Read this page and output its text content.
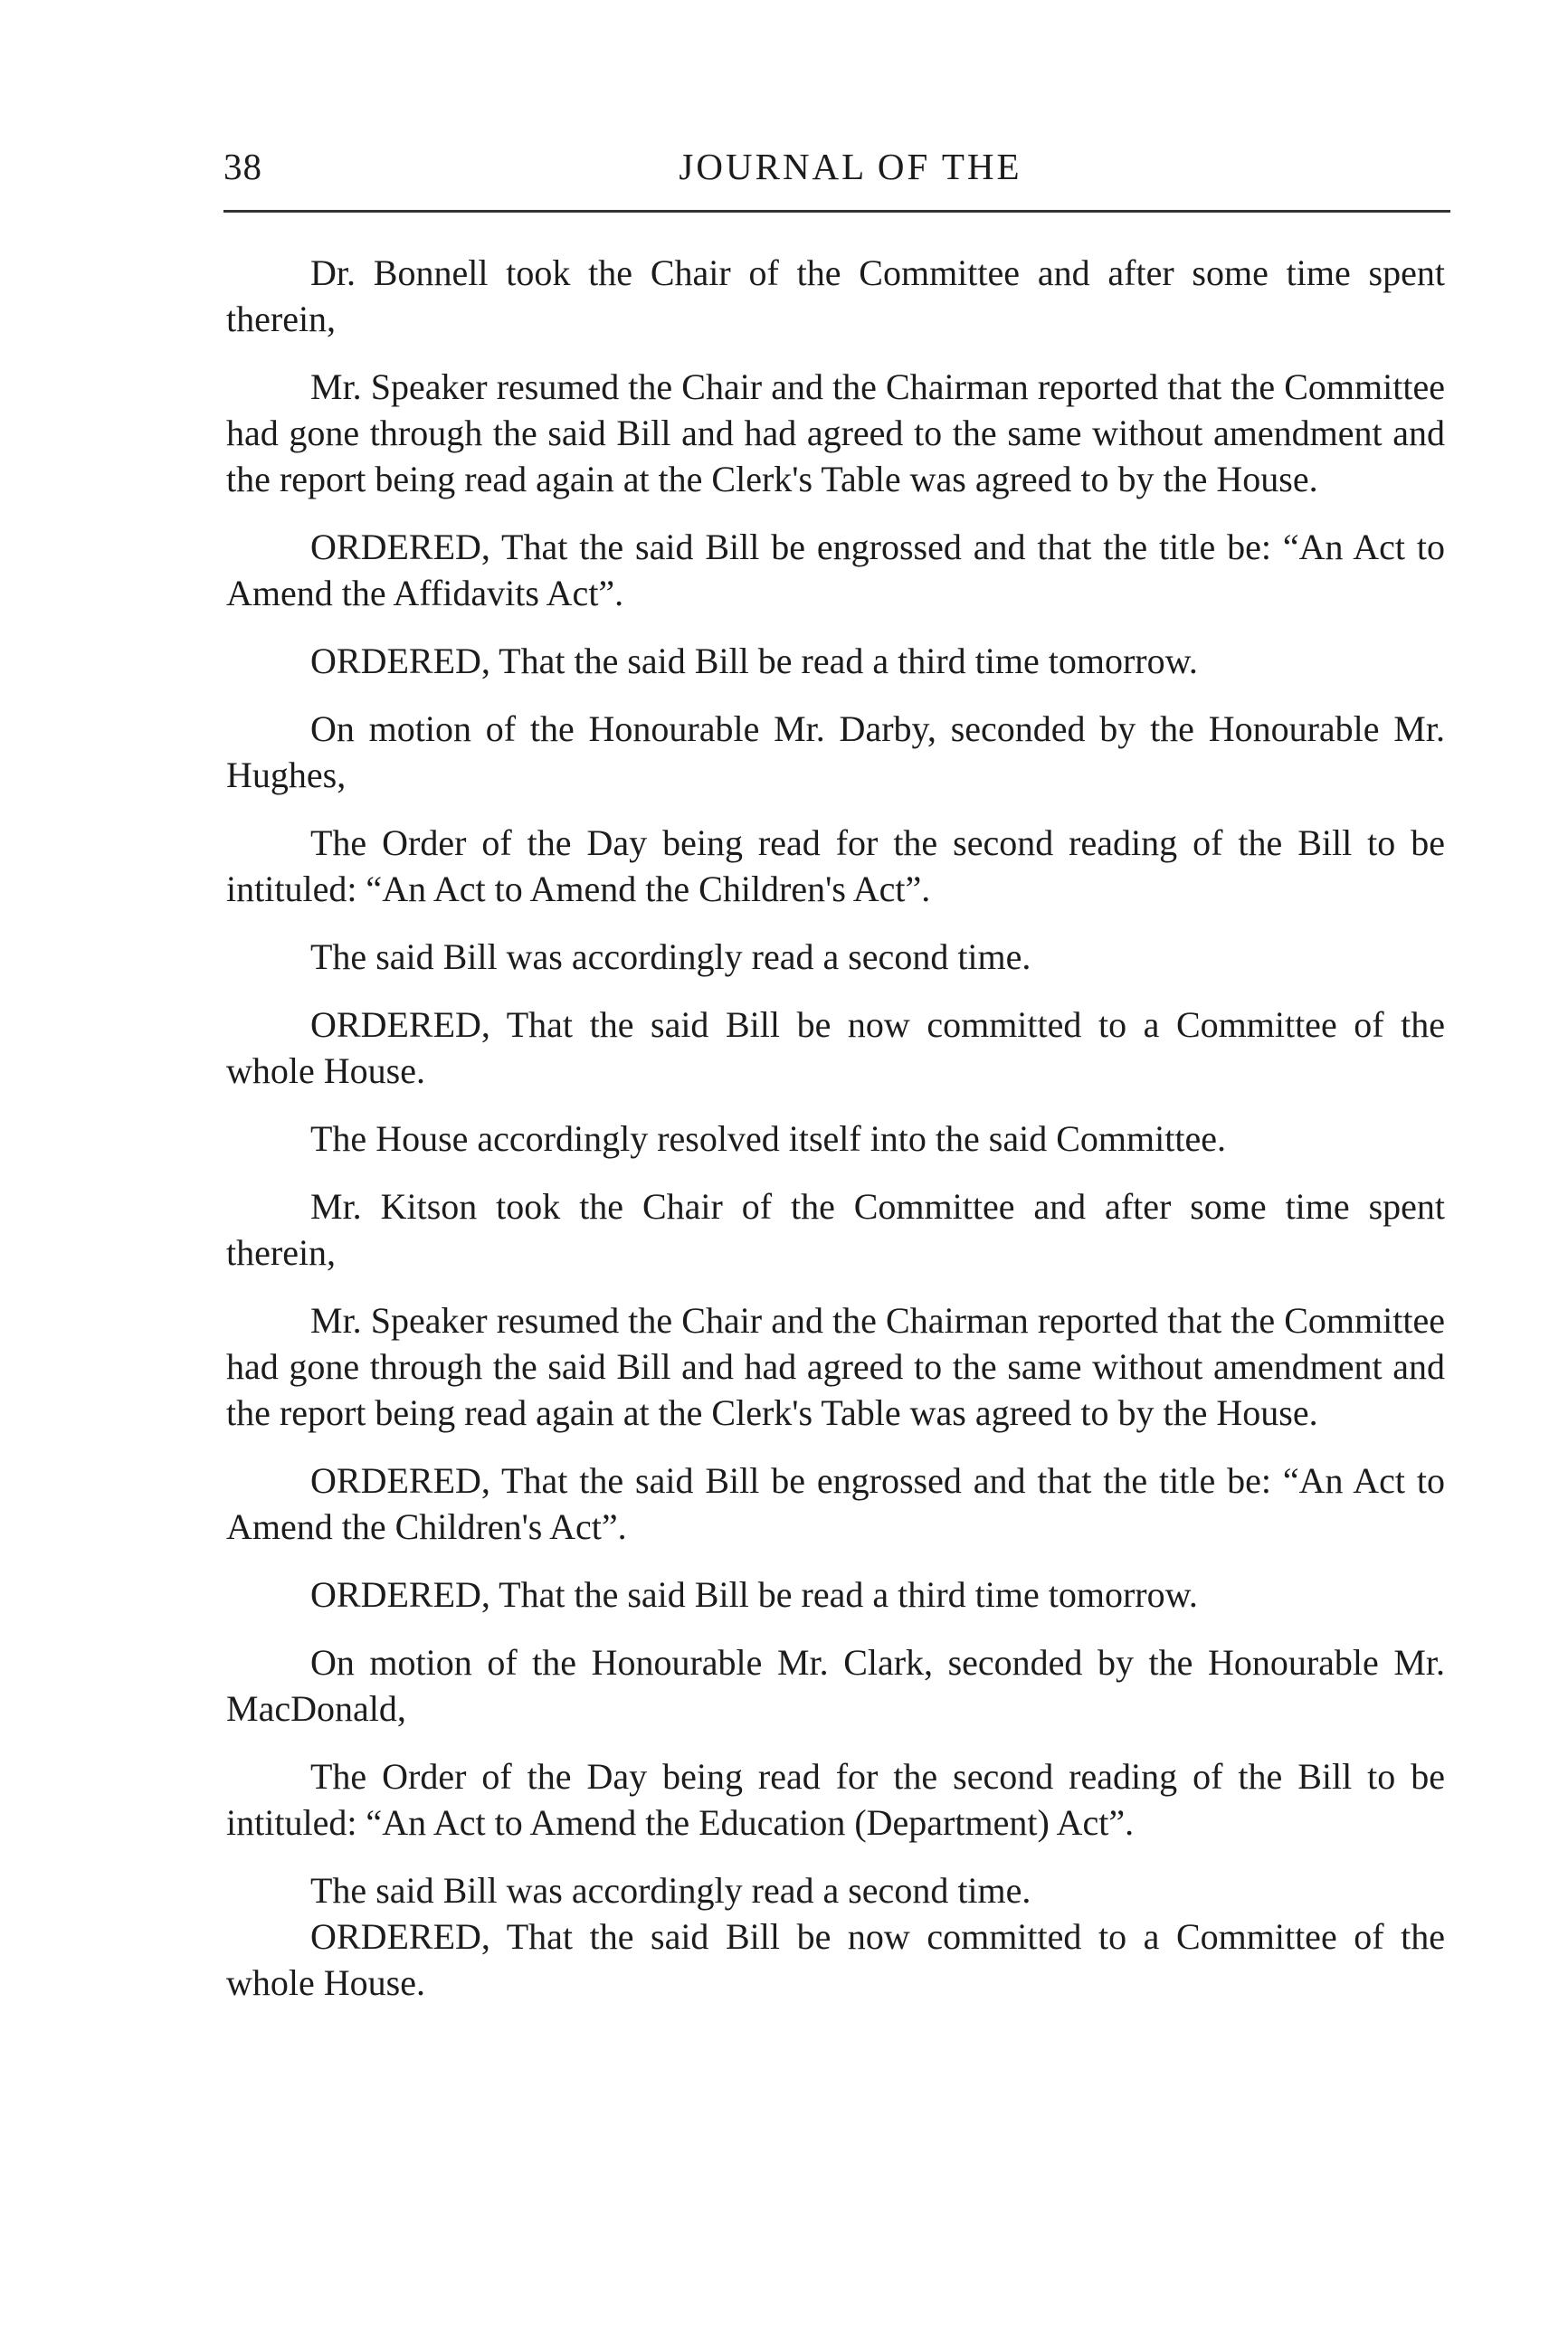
38	JOURNAL OF THE

Dr. Bonnell took the Chair of the Committee and after some time spent therein,

Mr. Speaker resumed the Chair and the Chairman reported that the Committee had gone through the said Bill and had agreed to the same without amendment and the report being read again at the Clerk's Table was agreed to by the House.

ORDERED, That the said Bill be engrossed and that the title be: “An Act to Amend the Affidavits Act”.

ORDERED, That the said Bill be read a third time tomorrow.

On motion of the Honourable Mr. Darby, seconded by the Honourable Mr. Hughes,

The Order of the Day being read for the second reading of the Bill to be intituled: “An Act to Amend the Children's Act”.

The said Bill was accordingly read a second time.

ORDERED, That the said Bill be now committed to a Committee of the whole House.

The House accordingly resolved itself into the said Committee.

Mr. Kitson took the Chair of the Committee and after some time spent therein,

Mr. Speaker resumed the Chair and the Chairman reported that the Committee had gone through the said Bill and had agreed to the same without amendment and the report being read again at the Clerk's Table was agreed to by the House.

ORDERED, That the said Bill be engrossed and that the title be: “An Act to Amend the Children's Act”.

ORDERED, That the said Bill be read a third time tomorrow.

On motion of the Honourable Mr. Clark, seconded by the Honourable Mr. MacDonald,

The Order of the Day being read for the second reading of the Bill to be intituled: “An Act to Amend the Education (Department) Act”.

The said Bill was accordingly read a second time.

ORDERED, That the said Bill be now committed to a Committee of the whole House.
